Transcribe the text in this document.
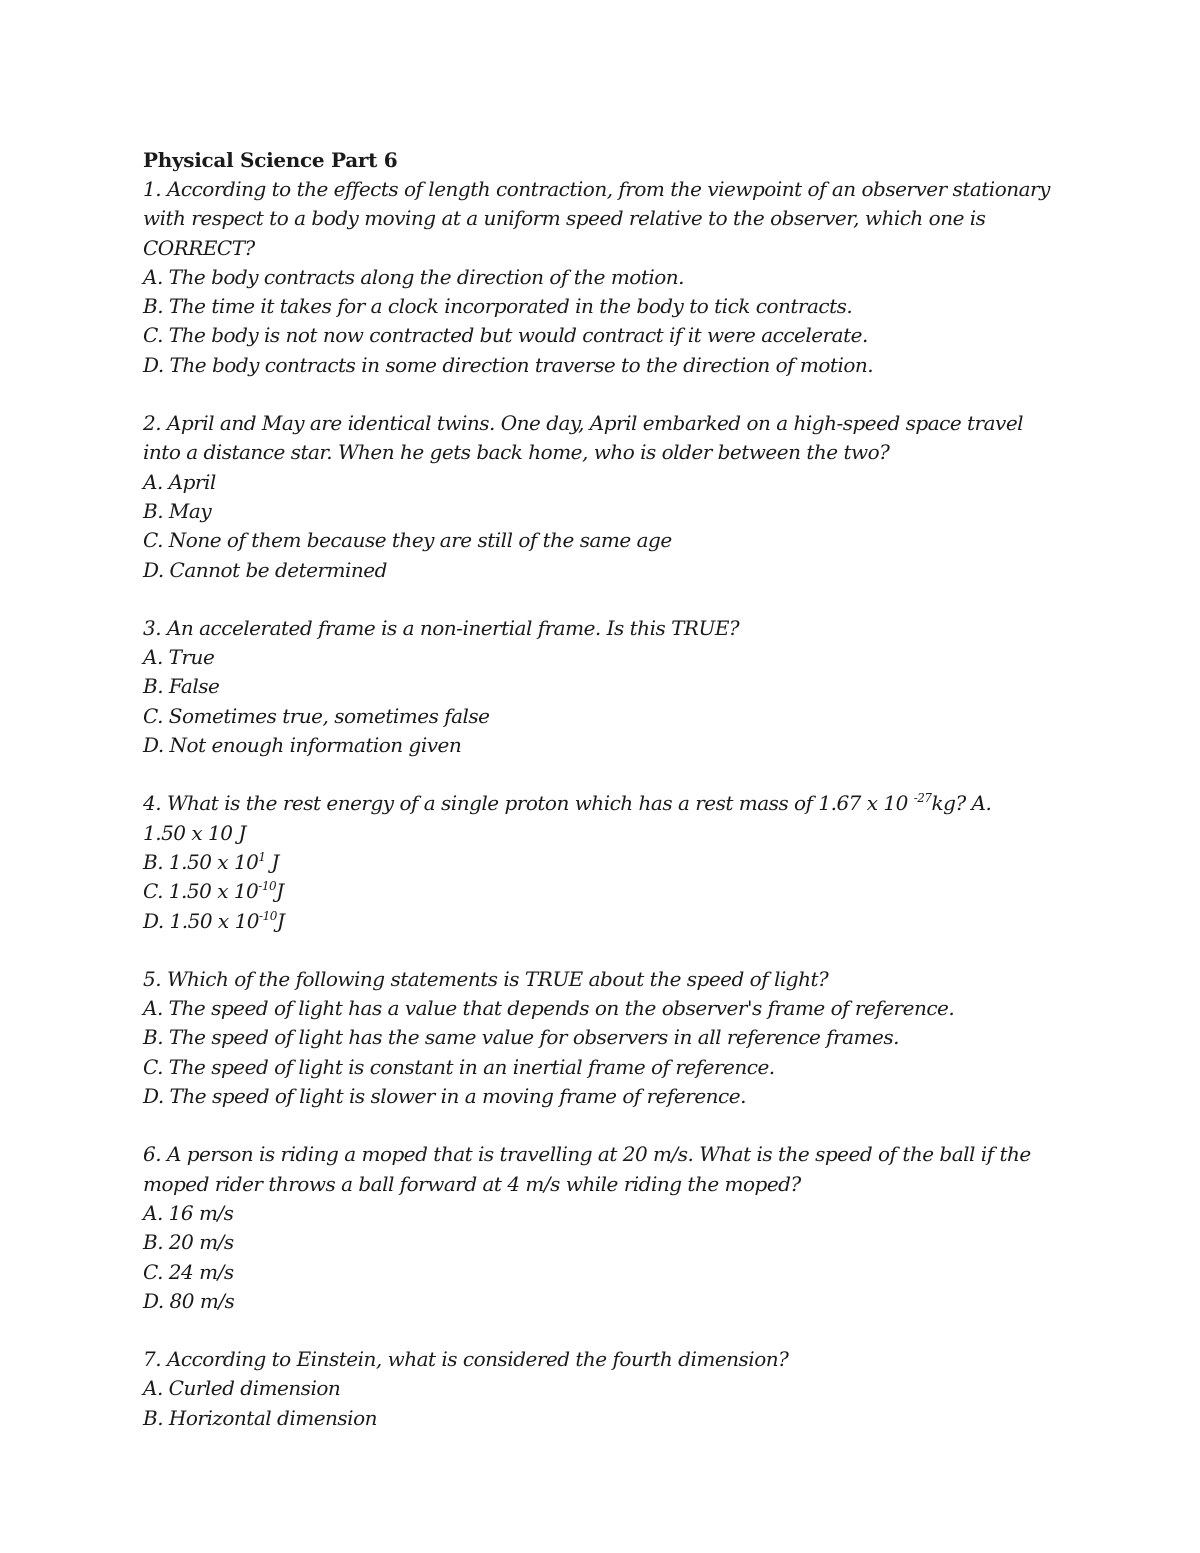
Physical Science Part 6

1. According to the effects of length contraction, from the viewpoint of an observer stationary

with respect to a body moving at a uniform speed relative to the observer, which one is

CORRECT?

A. The body contracts along the direction of the motion.

B. The time it takes for a clock incorporated in the body to tick contracts.

C. The body is not now contracted but would contract if it were accelerate.

D. The body contracts in some direction traverse to the direction of motion.

2. April and May are identical twins. One day, April embarked on a high-speed space travel

into a distance star. When he gets back home, who is older between the two?

A. April

B. May

C. None of them because they are still of the same age

D. Cannot be determined

3. An accelerated frame is a non-inertial frame. Is this TRUE?

A. True

B. False

C. Sometimes true, sometimes false

D. Not enough information given

4. What is the rest energy of a single proton which has a rest mass of 1.67 x 10 $^{-27}$kg? A.

1.50 x 10 J

B. 1.50 x $10^1$ J

C. 1.50 x $10^{-10}J$

D. 1.50 x $10^{-10}J$

5. Which of the following statements is TRUE about the speed of light?

A. The speed of light has a value that depends on the observer's frame of reference.

B. The speed of light has the same value for observers in all reference frames.

C. The speed of light is constant in an inertial frame of reference.

D. The speed of light is slower in a moving frame of reference.

6. A person is riding a moped that is travelling at 20 m/s. What is the speed of the ball if the

moped rider throws a ball forward at 4 m/s while riding the moped?

A. 16 m/s

B. 20 m/s

C. 24 m/s

D. 80 m/s

7. According to Einstein, what is considered the fourth dimension?

A. Curled dimension

B. Horizontal dimension
